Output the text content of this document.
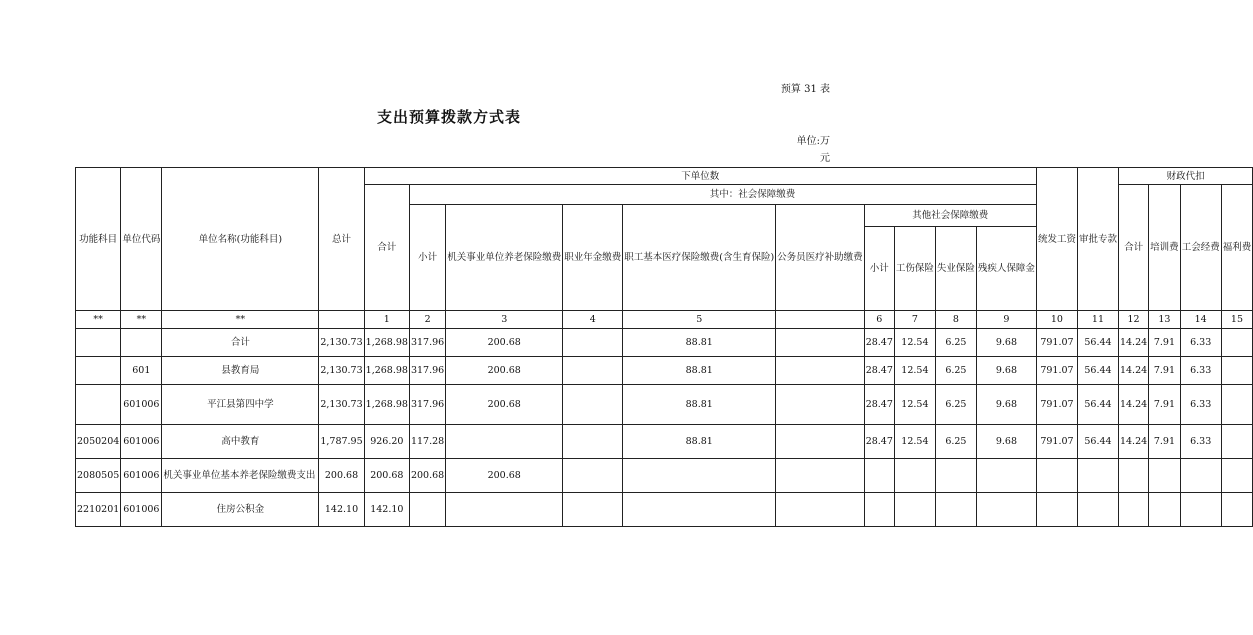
预算 31 表
支出预算拨款方式表
单位:万
元
功能科目	单位代码	单位名称(功能科目)	总计	下单位数										统发工资	审批专款	财政代扣			
				合计	其中：社会保障缴费											合计	培训费	工会经费	福利费
					小计	机关事业单位养老保险缴费	职业年金缴费	职工基本医疗保险缴费(含生育保险)	公务员医疗补助缴费	其他社会保障缴费									
										小计	工伤保险	失业保险	残疾人保障金						
**	**	**		1	2	3	4	5		6	7	8	9	10	11	12	13	14	15
		合计	2,130.73	1,268.98	317.96	200.68		88.81		28.47	12.54	6.25	9.68	791.07	56.44	14.24	7.91	6.33	
	601	县教育局	2,130.73	1,268.98	317.96	200.68		88.81		28.47	12.54	6.25	9.68	791.07	56.44	14.24	7.91	6.33	
	601006	平江县第四中学	2,130.73	1,268.98	317.96	200.68		88.81		28.47	12.54	6.25	9.68	791.07	56.44	14.24	7.91	6.33	
2050204	601006	高中教育	1,787.95	926.20	117.28			88.81		28.47	12.54	6.25	9.68	791.07	56.44	14.24	7.91	6.33	
2080505	601006	机关事业单位基本养老保险缴费支出	200.68	200.68	200.68	200.68													
2210201	601006	住房公积金	142.10	142.10															
